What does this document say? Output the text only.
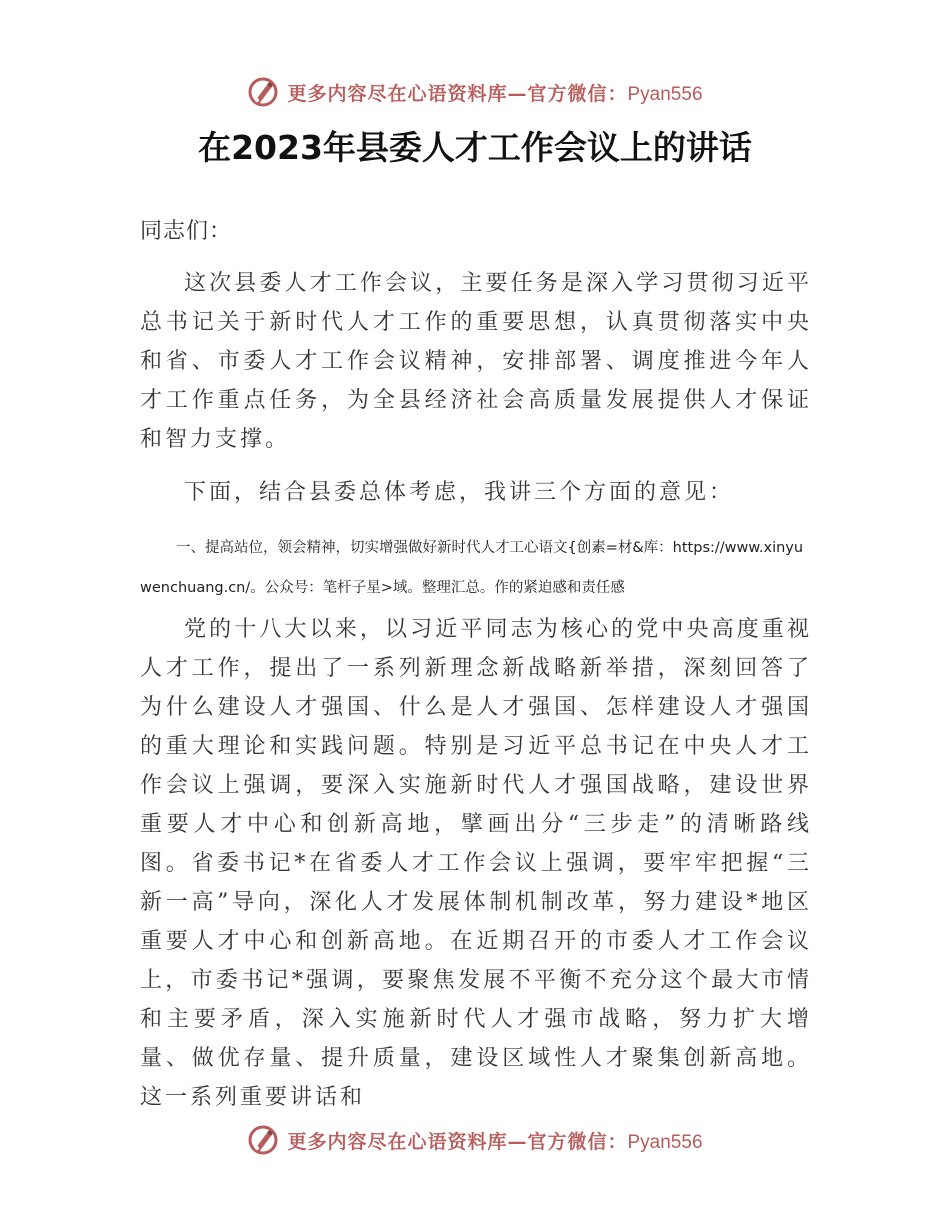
更多内容尽在心语资料库—官方微信：Pyan556
在2023年县委人才工作会议上的讲话

同志们：

这次县委人才工作会议，主要任务是深入学习贯彻习近平总书记关于新时代人才工作的重要思想，认真贯彻落实中央和省、市委人才工作会议精神，安排部署、调度推进今年人才工作重点任务，为全县经济社会高质量发展提供人才保证和智力支撑。

下面，结合县委总体考虑，我讲三个方面的意见：

一、提高站位，领会精神，切实增强做好新时代人才工心语文{创素=材&库：https://www.xinyuwenchuang.cn/。公众号：笔杆子星>域。整理汇总。作的紧迫感和责任感

党的十八大以来，以习近平同志为核心的党中央高度重视人才工作，提出了一系列新理念新战略新举措，深刻回答了为什么建设人才强国、什么是人才强国、怎样建设人才强国的重大理论和实践问题。特别是习近平总书记在中央人才工作会议上强调，要深入实施新时代人才强国战略，建设世界重要人才中心和创新高地，擘画出分“三步走”的清晰路线图。省委书记*在省委人才工作会议上强调，要牢牢把握“三新一高”导向，深化人才发展体制机制改革，努力建设*地区重要人才中心和创新高地。在近期召开的市委人才工作会议上，市委书记*强调，要聚焦发展不平衡不充分这个最大市情和主要矛盾，深入实施新时代人才强市战略，努力扩大增量、做优存量、提升质量，建设区域性人才聚集创新高地。这一系列重要讲话和

更多内容尽在心语资料库—官方微信：Pyan556
